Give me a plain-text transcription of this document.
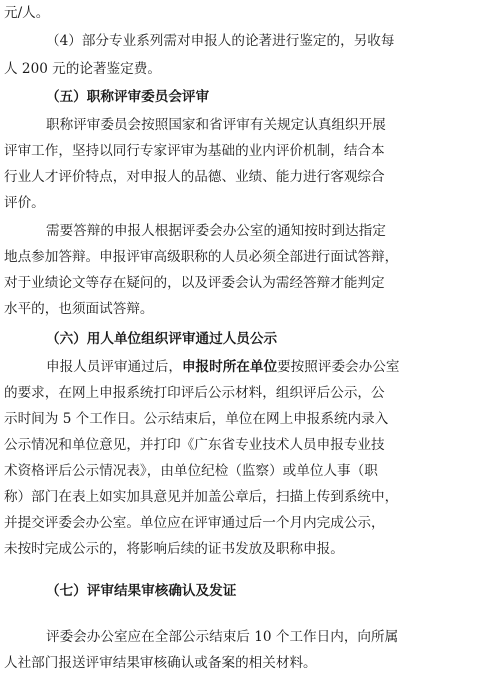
元/人。
（4）部分专业系列需对申报人的论著进行鉴定的，另收每
人 200 元的论著鉴定费。
（五）职称评审委员会评审
职称评审委员会按照国家和省评审有关规定认真组织开展
评审工作，坚持以同行专家评审为基础的业内评价机制，结合本
行业人才评价特点，对申报人的品德、业绩、能力进行客观综合
评价。
需要答辩的申报人根据评委会办公室的通知按时到达指定
地点参加答辩。申报评审高级职称的人员必须全部进行面试答辩，
对于业绩论文等存在疑问的，以及评委会认为需经答辩才能判定
水平的，也须面试答辩。
（六）用人单位组织评审通过人员公示
申报人员评审通过后，申报时所在单位要按照评委会办公室
的要求，在网上申报系统打印评后公示材料，组织评后公示，公
示时间为 5 个工作日。公示结束后，单位在网上申报系统内录入
公示情况和单位意见，并打印《广东省专业技术人员申报专业技
术资格评后公示情况表》，由单位纪检（监察）或单位人事（职
称）部门在表上如实加具意见并加盖公章后，扫描上传到系统中，
并提交评委会办公室。单位应在评审通过后一个月内完成公示，
未按时完成公示的，将影响后续的证书发放及职称申报。
（七）评审结果审核确认及发证
评委会办公室应在全部公示结束后 10 个工作日内，向所属
人社部门报送评审结果审核确认或备案的相关材料。
